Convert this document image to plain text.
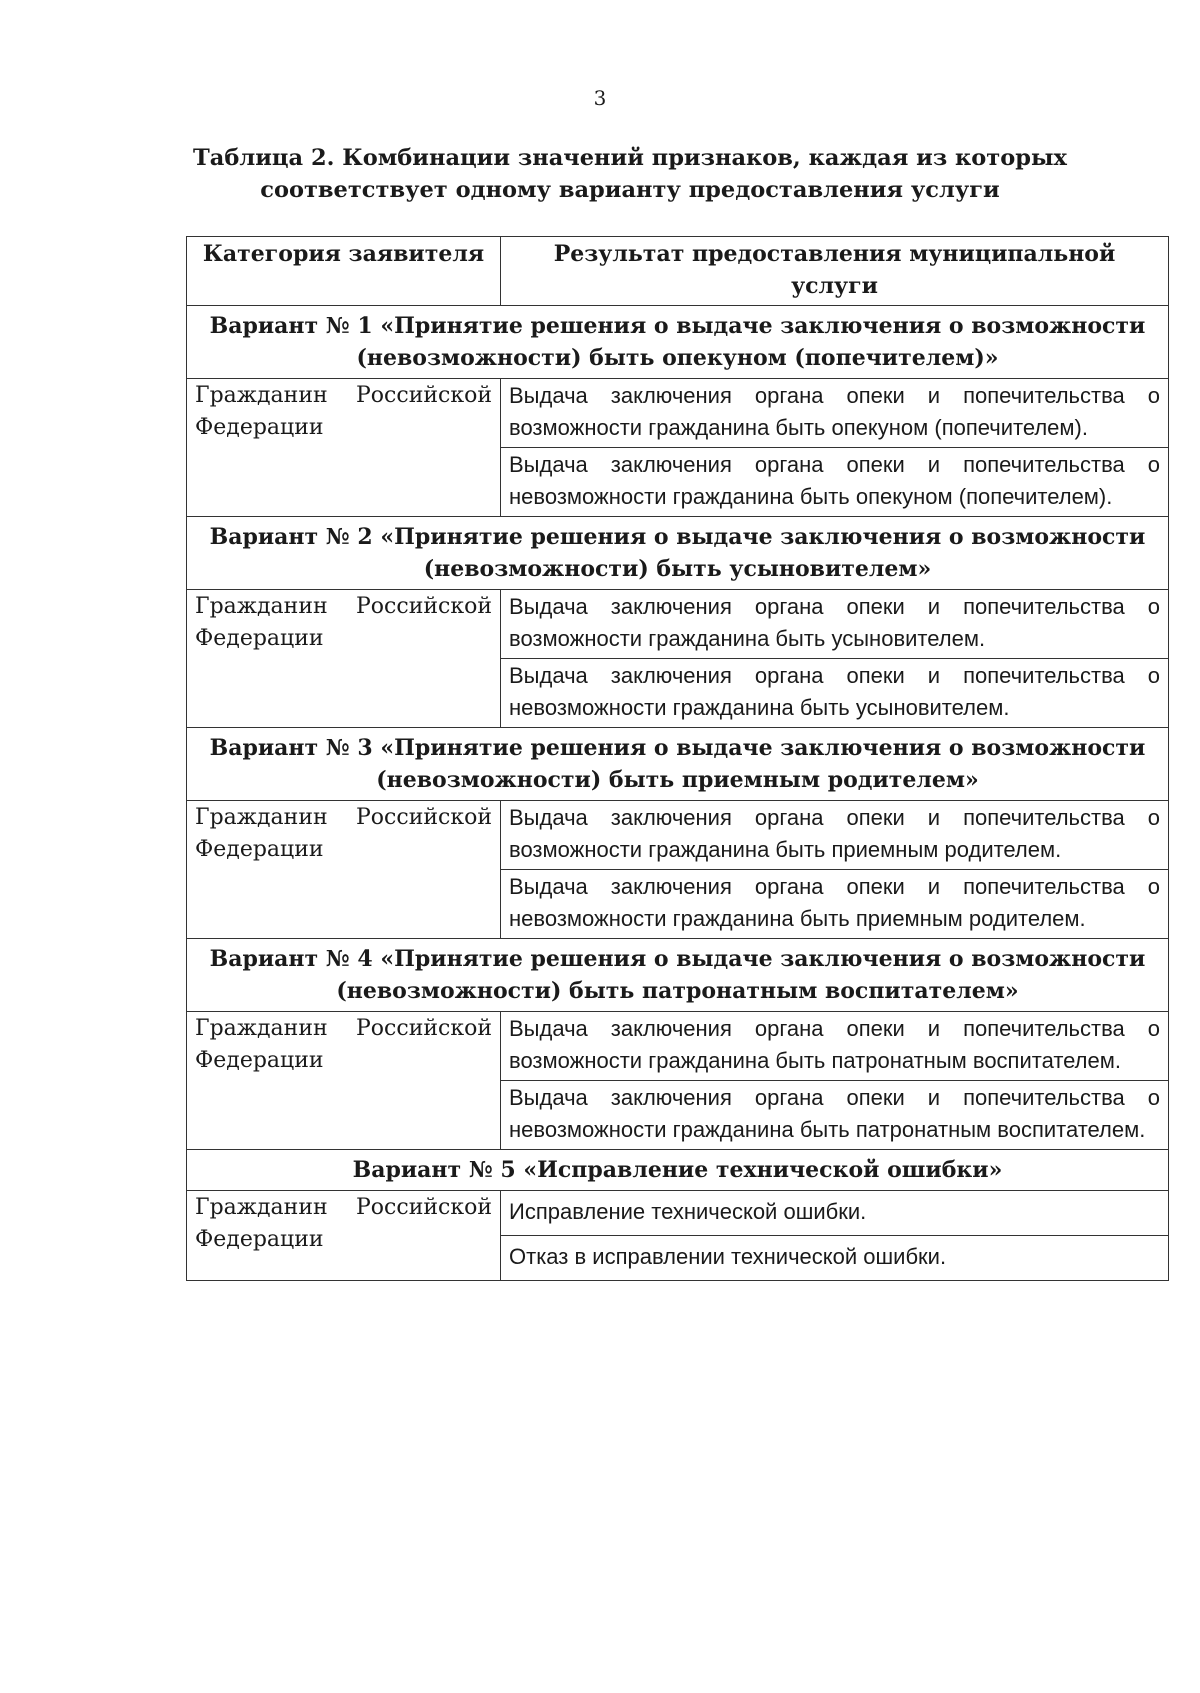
3
Таблица 2. Комбинации значений признаков, каждая из которых
соответствует одному варианту предоставления услуги
Категория заявителя	Результат предоставления муниципальной услуги
Вариант № 1 «Принятие решения о выдаче заключения о возможности (невозможности) быть опекуном (попечителем)»	

Гражданин Российской
Федерации	Выдача заключения органа опеки и попечительства о возможности гражданина быть опекуном (попечителем).
	Выдача заключения органа опеки и попечительства о невозможности гражданина быть опекуном (попечителем).
Вариант № 2 «Принятие решения о выдаче заключения о возможности (невозможности) быть усыновителем»	

Гражданин Российской
Федерации	Выдача заключения органа опеки и попечительства о возможности гражданина быть усыновителем.
	Выдача заключения органа опеки и попечительства о невозможности гражданина быть усыновителем.
Вариант № 3 «Принятие решения о выдаче заключения о возможности (невозможности) быть приемным родителем»	

Гражданин Российской
Федерации	Выдача заключения органа опеки и попечительства о возможности гражданина быть приемным родителем.
	Выдача заключения органа опеки и попечительства о невозможности гражданина быть приемным родителем.
Вариант № 4 «Принятие решения о выдаче заключения о возможности (невозможности) быть патронатным воспитателем»	

Гражданин Российской
Федерации	Выдача заключения органа опеки и попечительства о возможности гражданина быть патронатным воспитателем.
	Выдача заключения органа опеки и попечительства о невозможности гражданина быть патронатным воспитателем.
Вариант № 5 «Исправление технической ошибки»	

Гражданин Российской
Федерации	Исправление технической ошибки.
	Отказ в исправлении технической ошибки.
